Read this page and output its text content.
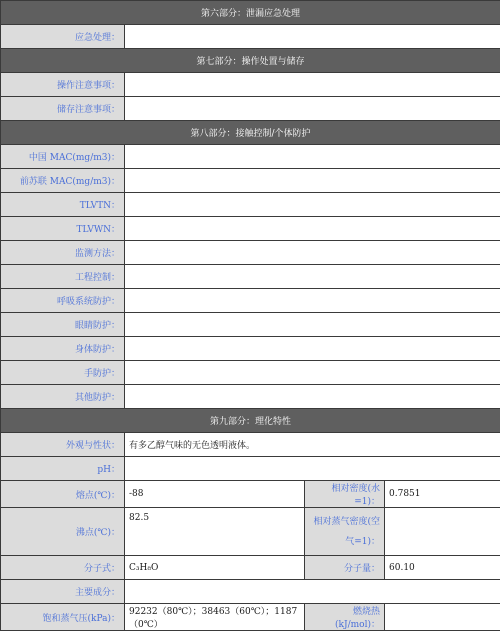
第六部分：泄漏应急处理			
应急处理：			
第七部分：操作处置与储存			
操作注意事项：			
储存注意事项：			
第八部分：接触控制/个体防护			
中国 MAC(mg/m3)：			
前苏联 MAC(mg/m3)：			
TLVTN：			
TLVWN：			
监测方法：			
工程控制：			
呼吸系统防护：			
眼睛防护：			
身体防护：			
手防护：			
其他防护：			
第九部分：理化特性			
外观与性状：	有多乙醇气味的无色透明液体。		
pH：			
熔点(℃)：	-88	相对密度(水=1)：	0.7851
沸点(℃)：	82.5	相对蒸气密度(空气=1)：	
分子式：	C₃H₈O	分子量：	60.10
主要成分：			
饱和蒸气压(kPa)：	92232（80℃）；38463（60℃）；1187（0℃）	燃烧热(kJ/mol)：	
